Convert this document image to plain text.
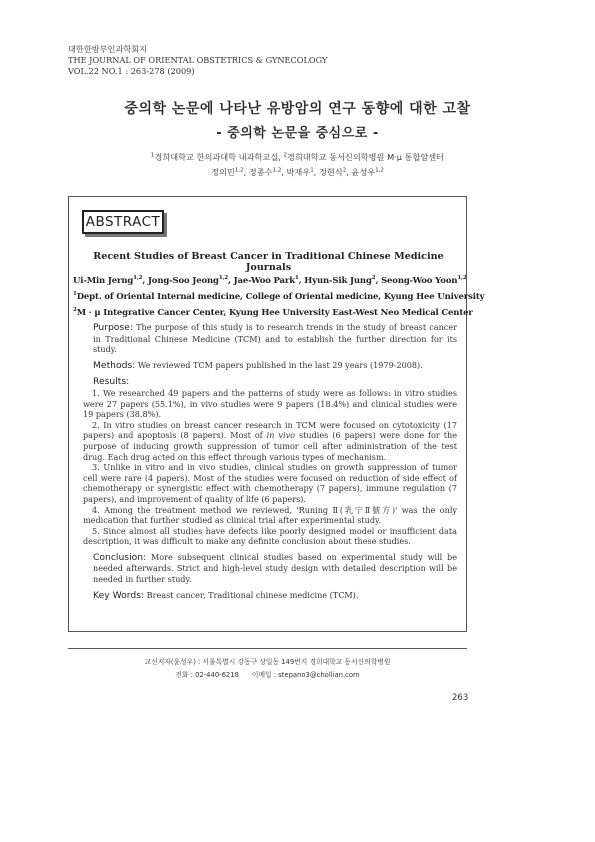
대한한방부인과학회지
THE JOURNAL OF ORIENTAL OBSTETRICS & GYNECOLOGY
VOL.22 NO.1 : 263-278 (2009)
중의학 논문에 나타난 유방암의 연구 동향에 대한 고찰
- 중의학 논문을 중심으로 -
$^1$경희대학교 한의과대학 내과학교실, $^2$경희대학교 동서신의학병원 M·μ 통합암센터
정의민$^{1,2}$, 정종수$^{1,2}$, 박재우$^1$, 정현식$^2$, 윤성우$^{1,2}$
ABSTRACT
Recent Studies of Breast Cancer in Traditional Chinese Medicine Journals
Ui-Min Jerng$^{1,2}$, Jong-Soo Jeong$^{1,2}$, Jae-Woo Park$^1$, Hyun-Sik Jung$^2$, Seong-Woo Yoon$^{1,2}$
$^1$Dept. of Oriental Internal medicine, College of Oriental medicine, Kyung Hee University
$^2$M · μ Integrative Cancer Center, Kyung Hee University East-West Neo Medical Center

Purpose: The purpose of this study is to research trends in the study of breast cancer in Traditional Chinese Medicine (TCM) and to establish the further direction for its study.

Methods: We reviewed TCM papers published in the last 29 years (1979-2008).

Results:

1. We researched 49 papers and the patterns of study were as follows: in vitro studies were 27 papers (55.1%), in vivo studies were 9 papers (18.4%) and clinical studies were 19 papers (38.8%).
2. In vitro studies on breast cancer research in TCM were focused on cytotoxicity (17 papers) and apoptosis (8 papers). Most of in vivo studies (6 papers) were done for the purpose of inducing growth suppression of tumor cell after administration of the test drug. Each drug acted on this effect through various types of mechanism.
3. Unlike in vitro and in vivo studies, clinical studies on growth suppression of tumor cell were rare (4 papers). Most of the studies were focused on reduction of side effect of chemotherapy or synergistic effect with chemotherapy (7 papers), immune regulation (7 papers), and improvement of quality of life (6 papers).
4. Among the treatment method we reviewed, 'Runing Ⅱ(乳宁Ⅱ號方)' was the only medication that further studied as clinical trial after experimental study.
5. Since almost all studies have defects like poorly designed model or insufficient data description, it was difficult to make any definite conclusion about these studies.

Conclusion: More subsequent clinical studies based on experimental study will be needed afterwards. Strict and high-level study design with detailed description will be needed in further study.

Key Words: Breast cancer, Traditional chinese medicine (TCM).

교신저자(윤성우) : 서울특별시 강동구 상일동 149번지 경희대학교 동서신의학병원
전화 : 02-440-6218 이메일 : stepano3@chollian.com
263
